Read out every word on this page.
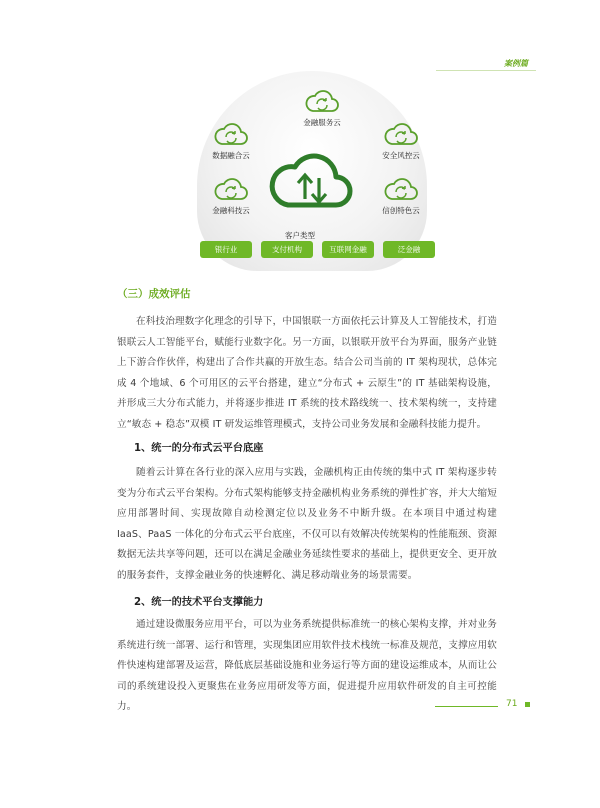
案例篇
金融服务云
数据融合云
金融科技云
安全风控云
信创特色云
客户类型
银行业	支付机构	互联网金融	泛金融
（三）成效评估

在科技治理数字化理念的引导下，中国银联一方面依托云计算及人工智能技术，打造银联云人工智能平台，赋能行业数字化。另一方面，以银联开放平台为界面，服务产业链上下游合作伙伴，构建出了合作共赢的开放生态。结合公司当前的 IT 架构现状，总体完成 4 个地域、6 个可用区的云平台搭建，建立“分布式 + 云原生”的 IT 基础架构设施，并形成三大分布式能力，并将逐步推进 IT 系统的技术路线统一、技术架构统一，支持建立“敏态 + 稳态”双模 IT 研发运维管理模式，支持公司业务发展和金融科技能力提升。

1、统一的分布式云平台底座

随着云计算在各行业的深入应用与实践，金融机构正由传统的集中式 IT 架构逐步转变为分布式云平台架构。分布式架构能够支持金融机构业务系统的弹性扩容，并大大缩短应用部署时间、实现故障自动检测定位以及业务不中断升级。在本项目中通过构建 IaaS、PaaS 一体化的分布式云平台底座，不仅可以有效解决传统架构的性能瓶颈、资源数据无法共享等问题，还可以在满足金融业务延续性要求的基础上，提供更安全、更开放的服务套件，支撑金融业务的快速孵化、满足移动端业务的场景需要。

2、统一的技术平台支撑能力

通过建设微服务应用平台，可以为业务系统提供标准统一的核心架构支撑，并对业务系统进行统一部署、运行和管理，实现集团应用软件技术栈统一标准及规范，支撑应用软件快速构建部署及运营，降低底层基础设施和业务运行等方面的建设运维成本，从而让公司的系统建设投入更聚焦在业务应用研发等方面，促进提升应用软件研发的自主可控能力。	71
